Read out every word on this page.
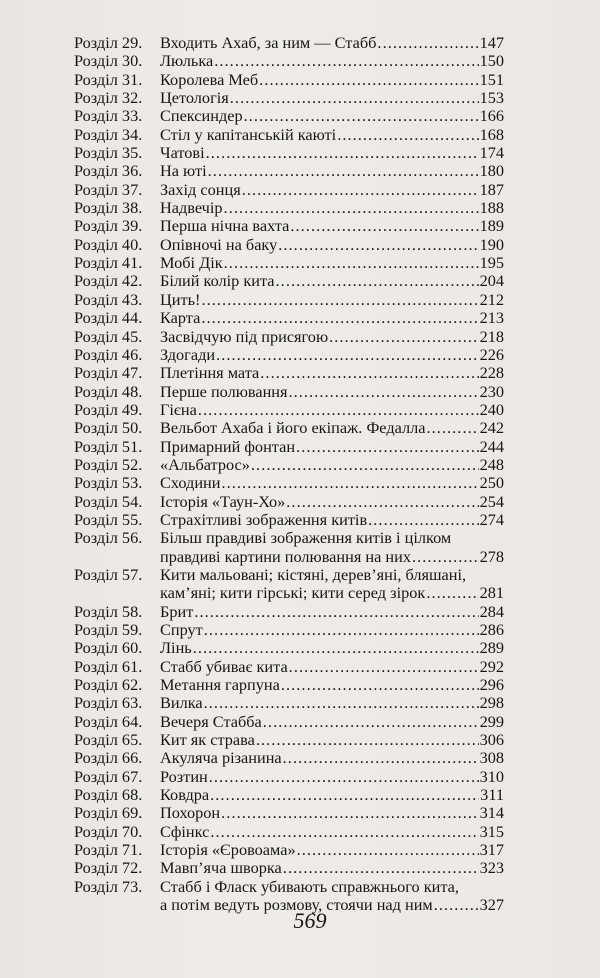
Розділ 29.	Входить Ахаб, за ним — Стабб . . .	147
Розділ 30.	Люлька . . .	150
Розділ 31.	Королева Меб . . .	151
Розділ 32.	Цетологія . . .	153
Розділ 33.	Спексиндер . . .	166
Розділ 34.	Стіл у капітанській каюті . . .	168
Розділ 35.	Чатові . . .	174
Розділ 36.	На юті . . .	180
Розділ 37.	Захід сонця . . .	187
Розділ 38.	Надвечір . . .	188
Розділ 39.	Перша нічна вахта . . .	189
Розділ 40.	Опівночі на баку . . .	190
Розділ 41.	Мобі Дік . . .	195
Розділ 42.	Білий колір кита . . .	204
Розділ 43.	Цить! . . .	212
Розділ 44.	Карта . . .	213
Розділ 45.	Засвідчую під присягою . . .	218
Розділ 46.	Здогади . . .	226
Розділ 47.	Плетіння мата . . .	228
Розділ 48.	Перше полювання . . .	230
Розділ 49.	Гієна . . .	240
Розділ 50.	Вельбот Ахаба і його екіпаж. Федалла . . .	242
Розділ 51.	Примарний фонтан . . .	244
Розділ 52.	«Альбатрос» . . .	248
Розділ 53.	Сходини . . .	250
Розділ 54.	Історія «Таун-Хо» . . .	254
Розділ 55.	Страхітливі зображення китів . . .	274
Розділ 56.	Більш правдиві зображення китів і цілком
правдиві картини полювання на них . . .	278
Розділ 57.	Кити мальовані; кістяні, дерев’яні, бляшані,
кам’яні; кити гірські; кити серед зірок . . .	281
Розділ 58.	Брит . . .	284
Розділ 59.	Спрут . . .	286
Розділ 60.	Лінь . . .	289
Розділ 61.	Стабб убиває кита . . .	292
Розділ 62.	Метання гарпуна . . .	296
Розділ 63.	Вилка . . .	298
Розділ 64.	Вечеря Стабба . . .	299
Розділ 65.	Кит як страва . . .	306
Розділ 66.	Акуляча різанина . . .	308
Розділ 67.	Розтин . . .	310
Розділ 68.	Ковдра . . .	311
Розділ 69.	Похорон . . .	314
Розділ 70.	Сфінкс . . .	315
Розділ 71.	Історія «Єровоама» . . .	317
Розділ 72.	Мавп’яча шворка . . .	323
Розділ 73.	Стабб і Фласк убивають справжнього кита,
а потім ведуть розмову, стоячи над ним . . .	327
569
